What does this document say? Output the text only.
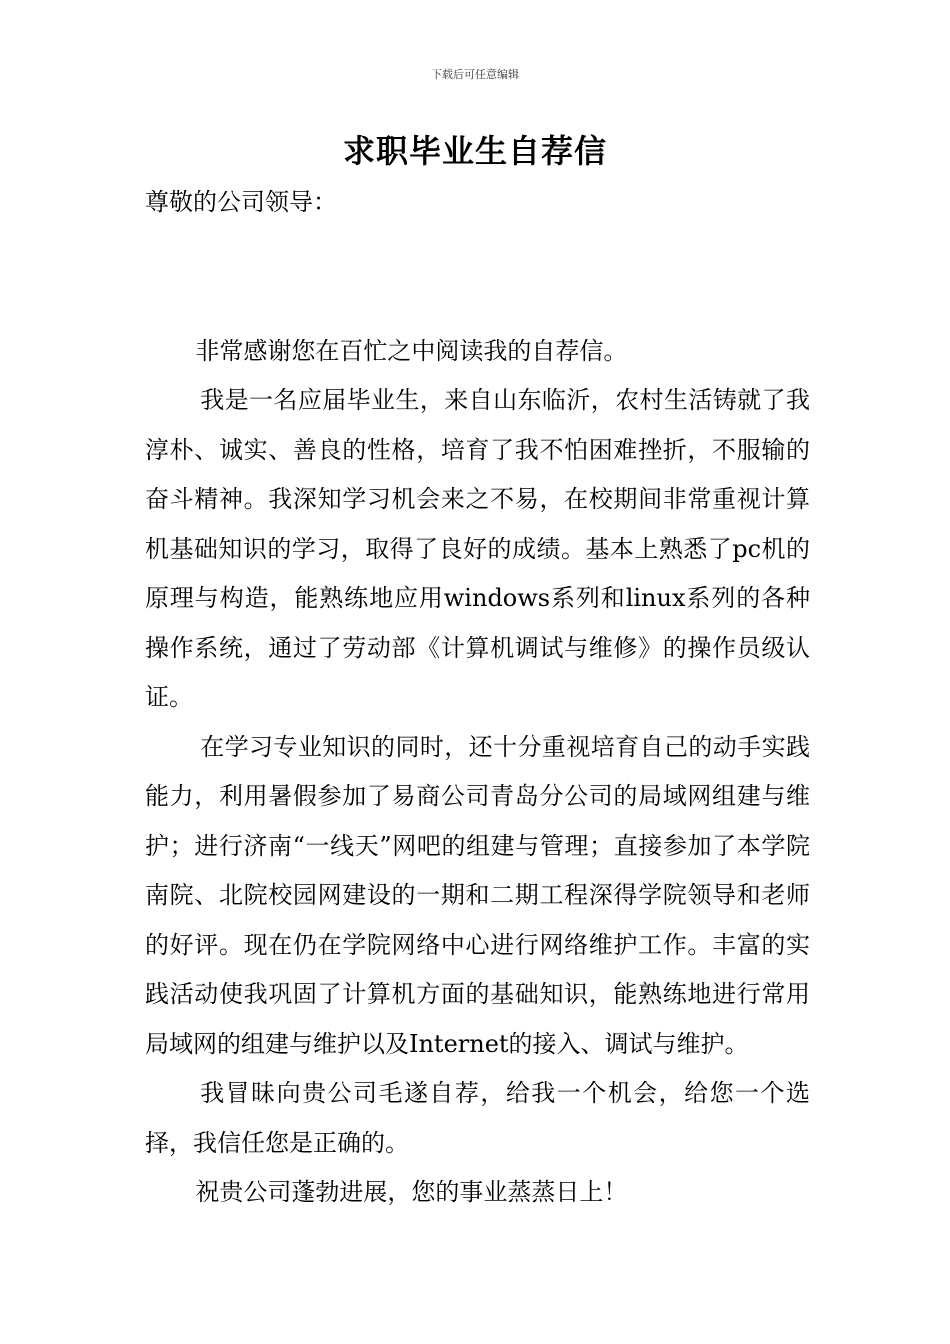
下载后可任意编辑
求职毕业生自荐信

尊敬的公司领导：

非常感谢您在百忙之中阅读我的自荐信。

我是一名应届毕业生，来自山东临沂，农村生活铸就了我淳朴、诚实、善良的性格，培育了我不怕困难挫折，不服输的奋斗精神。我深知学习机会来之不易，在校期间非常重视计算机基础知识的学习，取得了良好的成绩。基本上熟悉了pc机的原理与构造，能熟练地应用windows系列和linux系列的各种操作系统，通过了劳动部《计算机调试与维修》的操作员级认证。

在学习专业知识的同时，还十分重视培育自己的动手实践能力，利用暑假参加了易商公司青岛分公司的局域网组建与维护；进行济南“一线天”网吧的组建与管理；直接参加了本学院南院、北院校园网建设的一期和二期工程深得学院领导和老师的好评。现在仍在学院网络中心进行网络维护工作。丰富的实践活动使我巩固了计算机方面的基础知识，能熟练地进行常用局域网的组建与维护以及Internet的接入、调试与维护。

我冒昧向贵公司毛遂自荐，给我一个机会，给您一个选择，我信任您是正确的。

祝贵公司蓬勃进展，您的事业蒸蒸日上！
